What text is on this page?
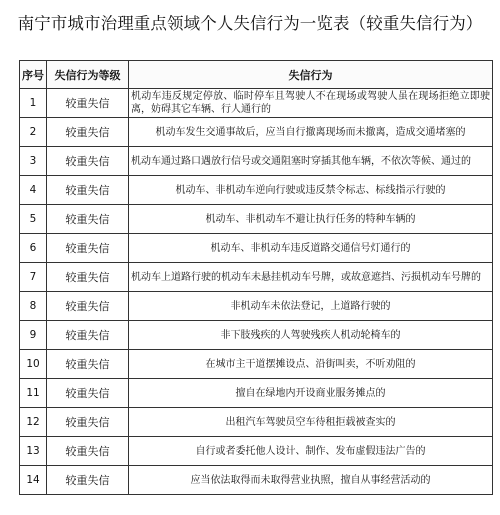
南宁市城市治理重点领域个人失信行为一览表（较重失信行为）
序号	失信行为等级	失信行为
1	较重失信	机动车违反规定停放、临时停车且驾驶人不在现场或驾驶人虽在现场拒绝立即驶离，妨碍其它车辆、行人通行的
2	较重失信	机动车发生交通事故后，应当自行撤离现场而未撤离，造成交通堵塞的
3	较重失信	机动车通过路口遇放行信号或交通阻塞时穿插其他车辆，不依次等候、通过的
4	较重失信	机动车、非机动车逆向行驶或违反禁令标志、标线指示行驶的
5	较重失信	机动车、非机动车不避让执行任务的特种车辆的
6	较重失信	机动车、非机动车违反道路交通信号灯通行的
7	较重失信	机动车上道路行驶的机动车未悬挂机动车号牌，或故意遮挡、污损机动车号牌的
8	较重失信	非机动车未依法登记，上道路行驶的
9	较重失信	非下肢残疾的人驾驶残疾人机动轮椅车的
10	较重失信	在城市主干道摆摊设点、沿街叫卖，不听劝阻的
11	较重失信	擅自在绿地内开设商业服务摊点的
12	较重失信	出租汽车驾驶员空车待租拒载被查实的
13	较重失信	自行或者委托他人设计、制作、发布虚假违法广告的
14	较重失信	应当依法取得而未取得营业执照，擅自从事经营活动的
